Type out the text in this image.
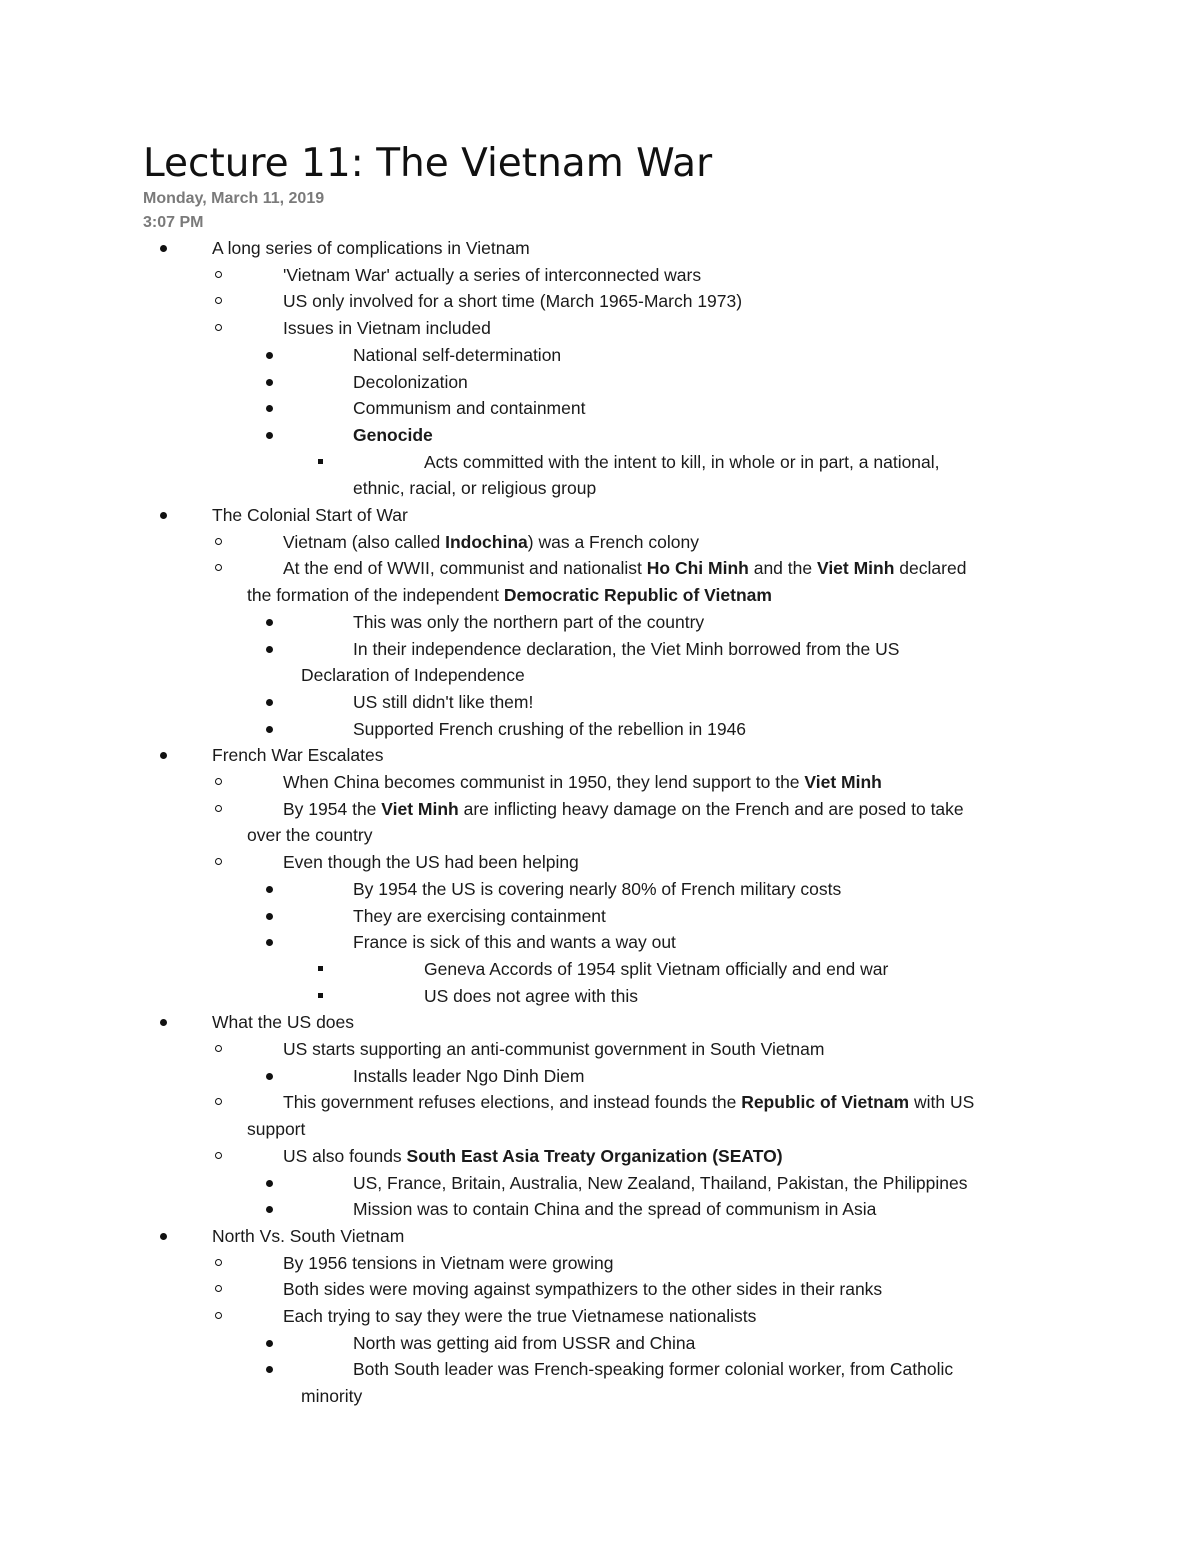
Lecture 11: The Vietnam War
Monday, March 11, 2019
3:07 PM
A long series of complications in Vietnam
'Vietnam War' actually a series of interconnected wars
US only involved for a short time (March 1965-March 1973)
Issues in Vietnam included
National self-determination
Decolonization
Communism and containment
Genocide
Acts committed with the intent to kill, in whole or in part, a national,
ethnic, racial, or religious group
The Colonial Start of War
Vietnam (also called Indochina) was a French colony
At the end of WWII, communist and nationalist Ho Chi Minh and the Viet Minh declared
the formation of the independent Democratic Republic of Vietnam
This was only the northern part of the country
In their independence declaration, the Viet Minh borrowed from the US
Declaration of Independence
US still didn't like them!
Supported French crushing of the rebellion in 1946
French War Escalates
When China becomes communist in 1950, they lend support to the Viet Minh
By 1954 the Viet Minh are inflicting heavy damage on the French and are posed to take
over the country
Even though the US had been helping
By 1954 the US is covering nearly 80% of French military costs
They are exercising containment
France is sick of this and wants a way out
Geneva Accords of 1954 split Vietnam officially and end war
US does not agree with this
What the US does
US starts supporting an anti-communist government in South Vietnam
Installs leader Ngo Dinh Diem
This government refuses elections, and instead founds the Republic of Vietnam with US
support
US also founds South East Asia Treaty Organization (SEATO)
US, France, Britain, Australia, New Zealand, Thailand, Pakistan, the Philippines
Mission was to contain China and the spread of communism in Asia
North Vs. South Vietnam
By 1956 tensions in Vietnam were growing
Both sides were moving against sympathizers to the other sides in their ranks
Each trying to say they were the true Vietnamese nationalists
North was getting aid from USSR and China
Both South leader was French-speaking former colonial worker, from Catholic
minority
